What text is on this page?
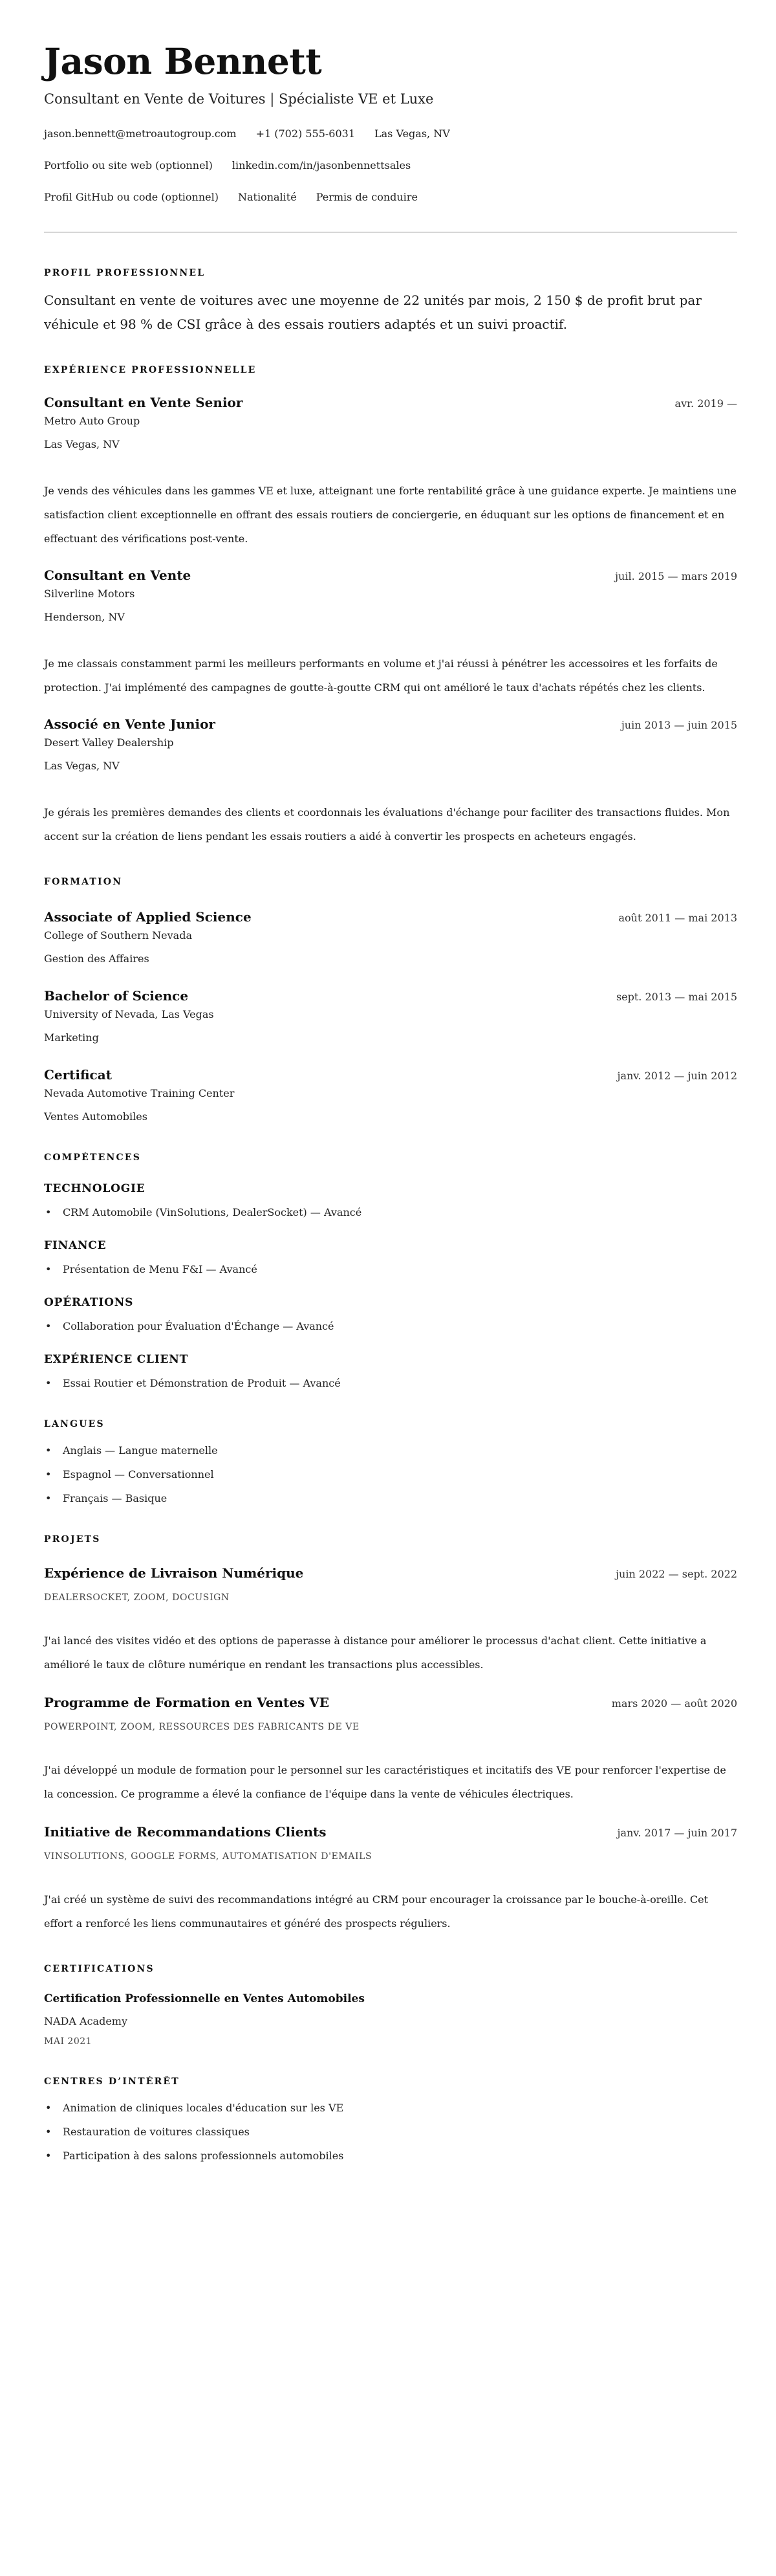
Jason Bennett
Consultant en Vente de Voitures | Spécialiste VE et Luxe
jason.bennett@metroautogroup.com +1 (702) 555-6031 Las Vegas, NV
Portfolio ou site web (optionnel) linkedin.com/in/jasonbennettsales
Profil GitHub ou code (optionnel) Nationalité Permis de conduire
PROFIL PROFESSIONNEL

Consultant en vente de voitures avec une moyenne de 22 unités par mois, 2 150 $ de profit brut par véhicule et 98 % de CSI grâce à des essais routiers adaptés et un suivi proactif.

EXPÉRIENCE PROFESSIONNELLE
Consultant en Vente Senior	avr. 2019 —
Metro Auto Group
Las Vegas, NV

Je vends des véhicules dans les gammes VE et luxe, atteignant une forte rentabilité grâce à une guidance experte. Je maintiens une satisfaction client exceptionnelle en offrant des essais routiers de conciergerie, en éduquant sur les options de financement et en effectuant des vérifications post-vente.

Consultant en Vente	juil. 2015 — mars 2019
Silverline Motors
Henderson, NV

Je me classais constamment parmi les meilleurs performants en volume et j'ai réussi à pénétrer les accessoires et les forfaits de protection. J'ai implémenté des campagnes de goutte-à-goutte CRM qui ont amélioré le taux d'achats répétés chez les clients.

Associé en Vente Junior	juin 2013 — juin 2015
Desert Valley Dealership
Las Vegas, NV

Je gérais les premières demandes des clients et coordonnais les évaluations d'échange pour faciliter des transactions fluides. Mon accent sur la création de liens pendant les essais routiers a aidé à convertir les prospects en acheteurs engagés.

FORMATION
Associate of Applied Science	août 2011 — mai 2013
College of Southern Nevada
Gestion des Affaires
Bachelor of Science	sept. 2013 — mai 2015
University of Nevada, Las Vegas
Marketing
Certificat	janv. 2012 — juin 2012
Nevada Automotive Training Center
Ventes Automobiles
COMPÉTENCES
TECHNOLOGIE
• CRM Automobile (VinSolutions, DealerSocket) — Avancé
FINANCE
• Présentation de Menu F&I — Avancé
OPÉRATIONS
• Collaboration pour Évaluation d'Échange — Avancé
EXPÉRIENCE CLIENT
• Essai Routier et Démonstration de Produit — Avancé
LANGUES
• Anglais — Langue maternelle
• Espagnol — Conversationnel
• Français — Basique
PROJETS
Expérience de Livraison Numérique	juin 2022 — sept. 2022
DEALERSOCKET, ZOOM, DOCUSIGN

J'ai lancé des visites vidéo et des options de paperasse à distance pour améliorer le processus d'achat client. Cette initiative a amélioré le taux de clôture numérique en rendant les transactions plus accessibles.

Programme de Formation en Ventes VE	mars 2020 — août 2020
POWERPOINT, ZOOM, RESSOURCES DES FABRICANTS DE VE

J'ai développé un module de formation pour le personnel sur les caractéristiques et incitatifs des VE pour renforcer l'expertise de la concession. Ce programme a élevé la confiance de l'équipe dans la vente de véhicules électriques.

Initiative de Recommandations Clients	janv. 2017 — juin 2017
VINSOLUTIONS, GOOGLE FORMS, AUTOMATISATION D'EMAILS

J'ai créé un système de suivi des recommandations intégré au CRM pour encourager la croissance par le bouche-à-oreille. Cet effort a renforcé les liens communautaires et généré des prospects réguliers.

CERTIFICATIONS
Certification Professionnelle en Ventes Automobiles
NADA Academy
MAI 2021
CENTRES D’INTÉRÊT
• Animation de cliniques locales d'éducation sur les VE
• Restauration de voitures classiques
• Participation à des salons professionnels automobiles
